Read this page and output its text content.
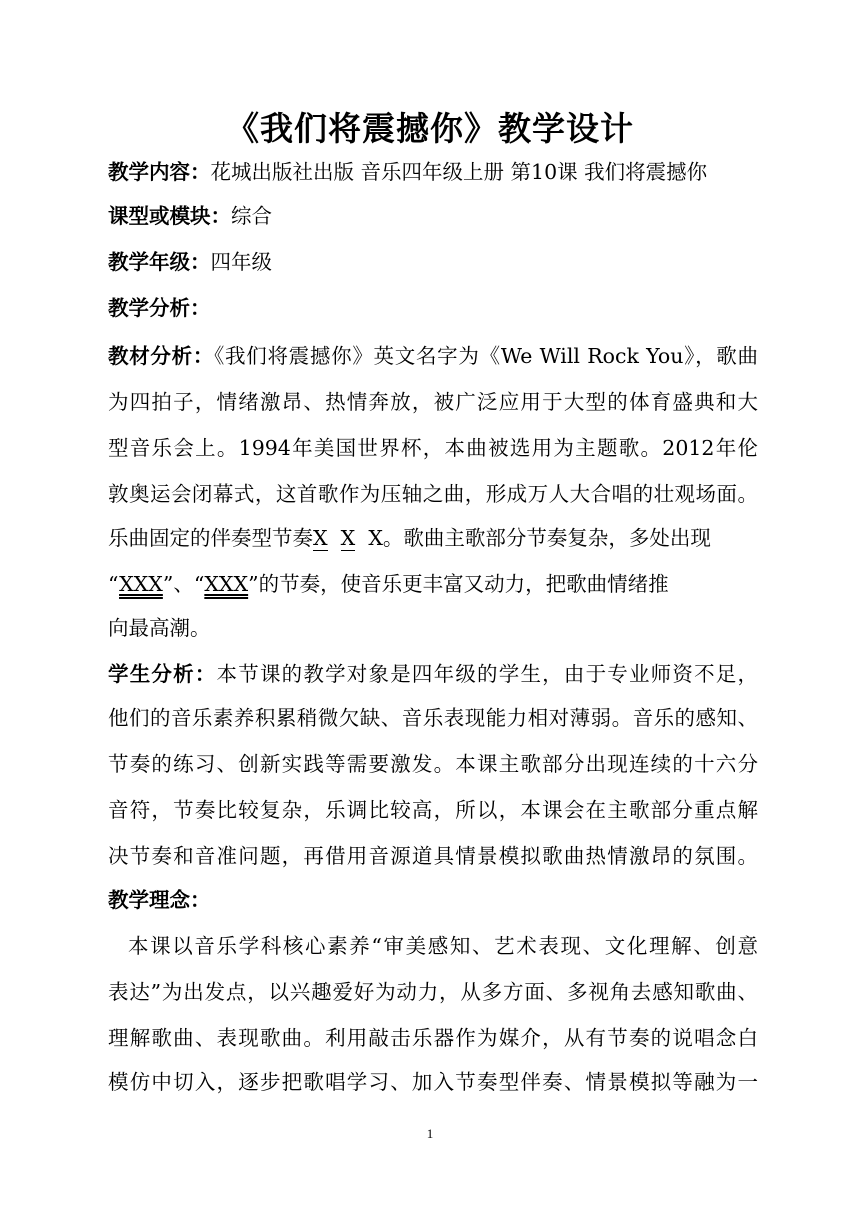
《我们将震撼你》教学设计
教学内容：花城出版社出版 音乐四年级上册 第10课 我们将震撼你
课型或模块：综合
教学年级：四年级
教学分析：
教材分析：《我们将震撼你》英文名字为《We Will Rock You》，歌曲
为四拍子，情绪激昂、热情奔放，被广泛应用于大型的体育盛典和大
型音乐会上。1994年美国世界杯，本曲被选用为主题歌。2012年伦
敦奥运会闭幕式，这首歌作为压轴之曲，形成万人大合唱的壮观场面。
乐曲固定的伴奏型节奏X X X。歌曲主歌部分节奏复杂，多处出现
“XXX”、“XXX”的节奏，使音乐更丰富又动力，把歌曲情绪推
向最高潮。
学生分析：本节课的教学对象是四年级的学生，由于专业师资不足，
他们的音乐素养积累稍微欠缺、音乐表现能力相对薄弱。音乐的感知、
节奏的练习、创新实践等需要激发。本课主歌部分出现连续的十六分
音符，节奏比较复杂，乐调比较高，所以，本课会在主歌部分重点解
决节奏和音准问题，再借用音源道具情景模拟歌曲热情激昂的氛围。
教学理念：
本课以音乐学科核心素养“审美感知、艺术表现、文化理解、创意
表达”为出发点，以兴趣爱好为动力，从多方面、多视角去感知歌曲、
理解歌曲、表现歌曲。利用敲击乐器作为媒介，从有节奏的说唱念白
模仿中切入，逐步把歌唱学习、加入节奏型伴奏、情景模拟等融为一
1
